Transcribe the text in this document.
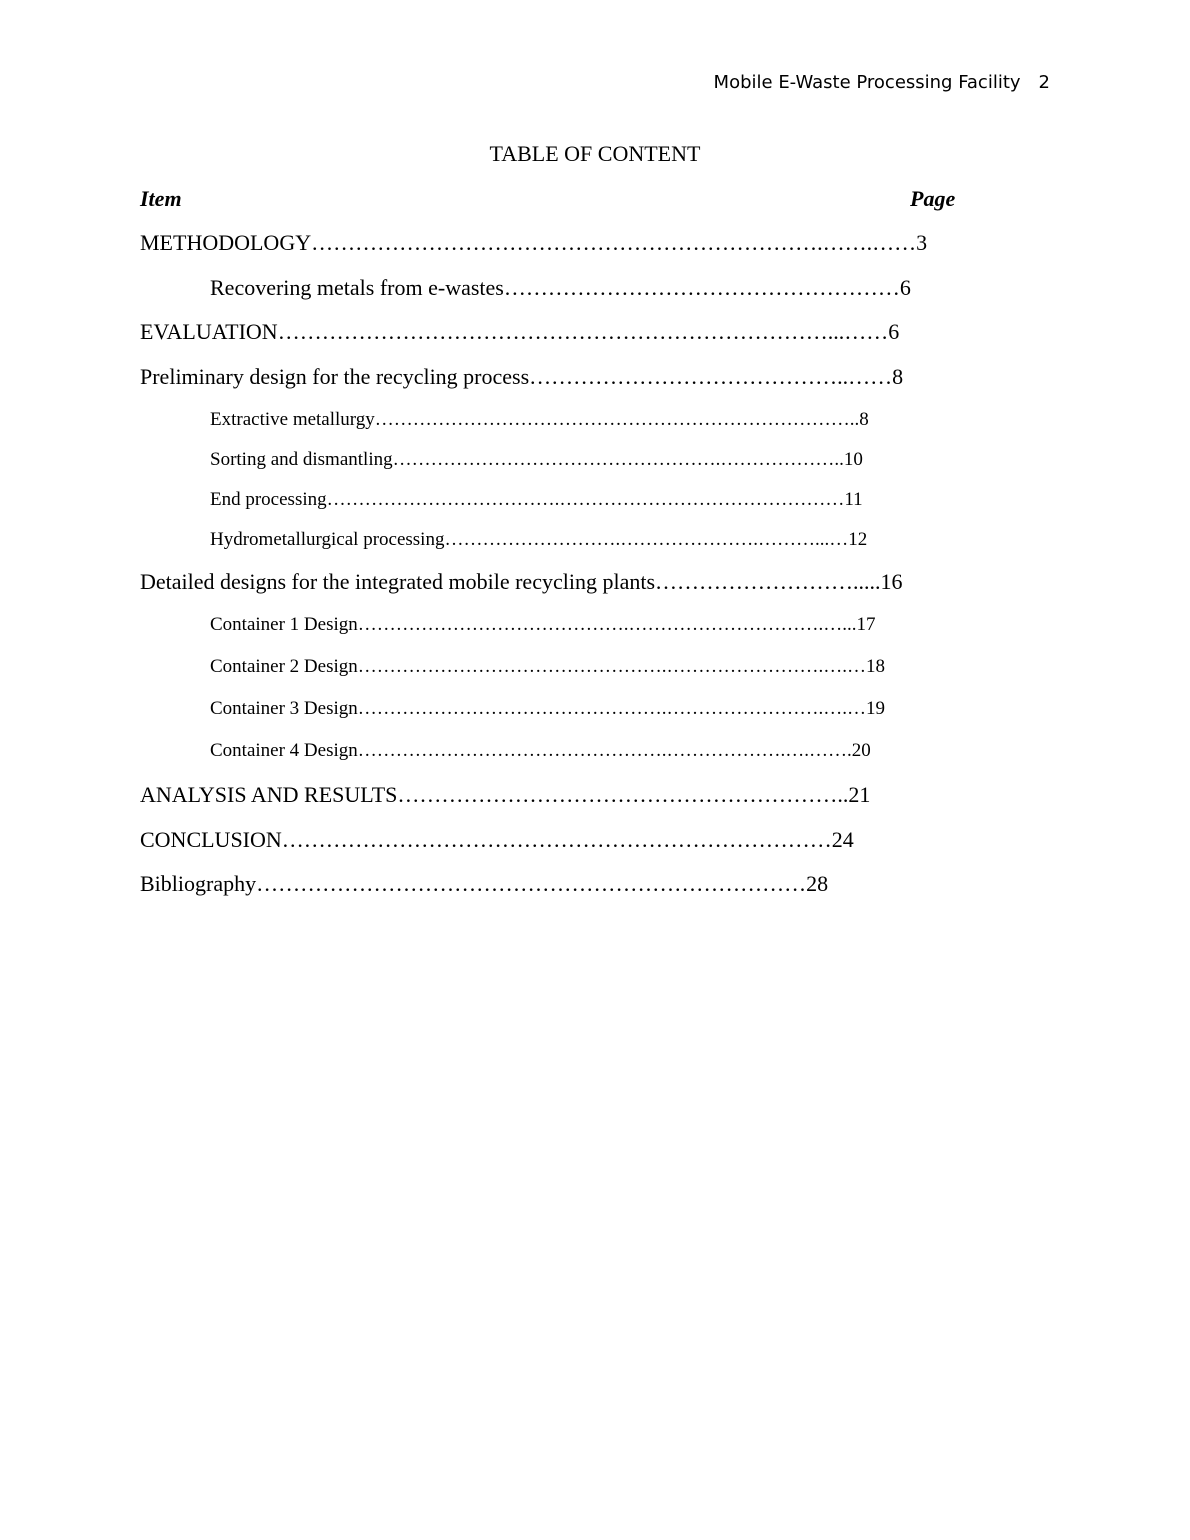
Mobile E-Waste Processing Facility 2
TABLE OF CONTENT
Item	Page
METHODOLOGY…………………………………………………………….…….……3
Recovering metals from e-wastes………………………………………………6
EVALUATION…………………………………………………………………...……6
Preliminary design for the recycling process……………………………………..……8
Extractive metallurgy…………………………………………………………………..8
Sorting and dismantling…………………………………………….………………..10
End processing……………………………….………………………………………11
Hydrometallurgical processing……………………….………………….………...…12
Detailed designs for the integrated mobile recycling plants……………………….....16
Container 1 Design…………………………………….………………………….…...17
Container 2 Design………………………………………….…………………….….…18
Container 3 Design………………………………………….…………………….….…19
Container 4 Design………………………………………….……………….….…….20
ANALYSIS AND RESULTS……………………………………………………..21
CONCLUSION…………………………………………………………………24
Bibliography…………………………………………………………………28
